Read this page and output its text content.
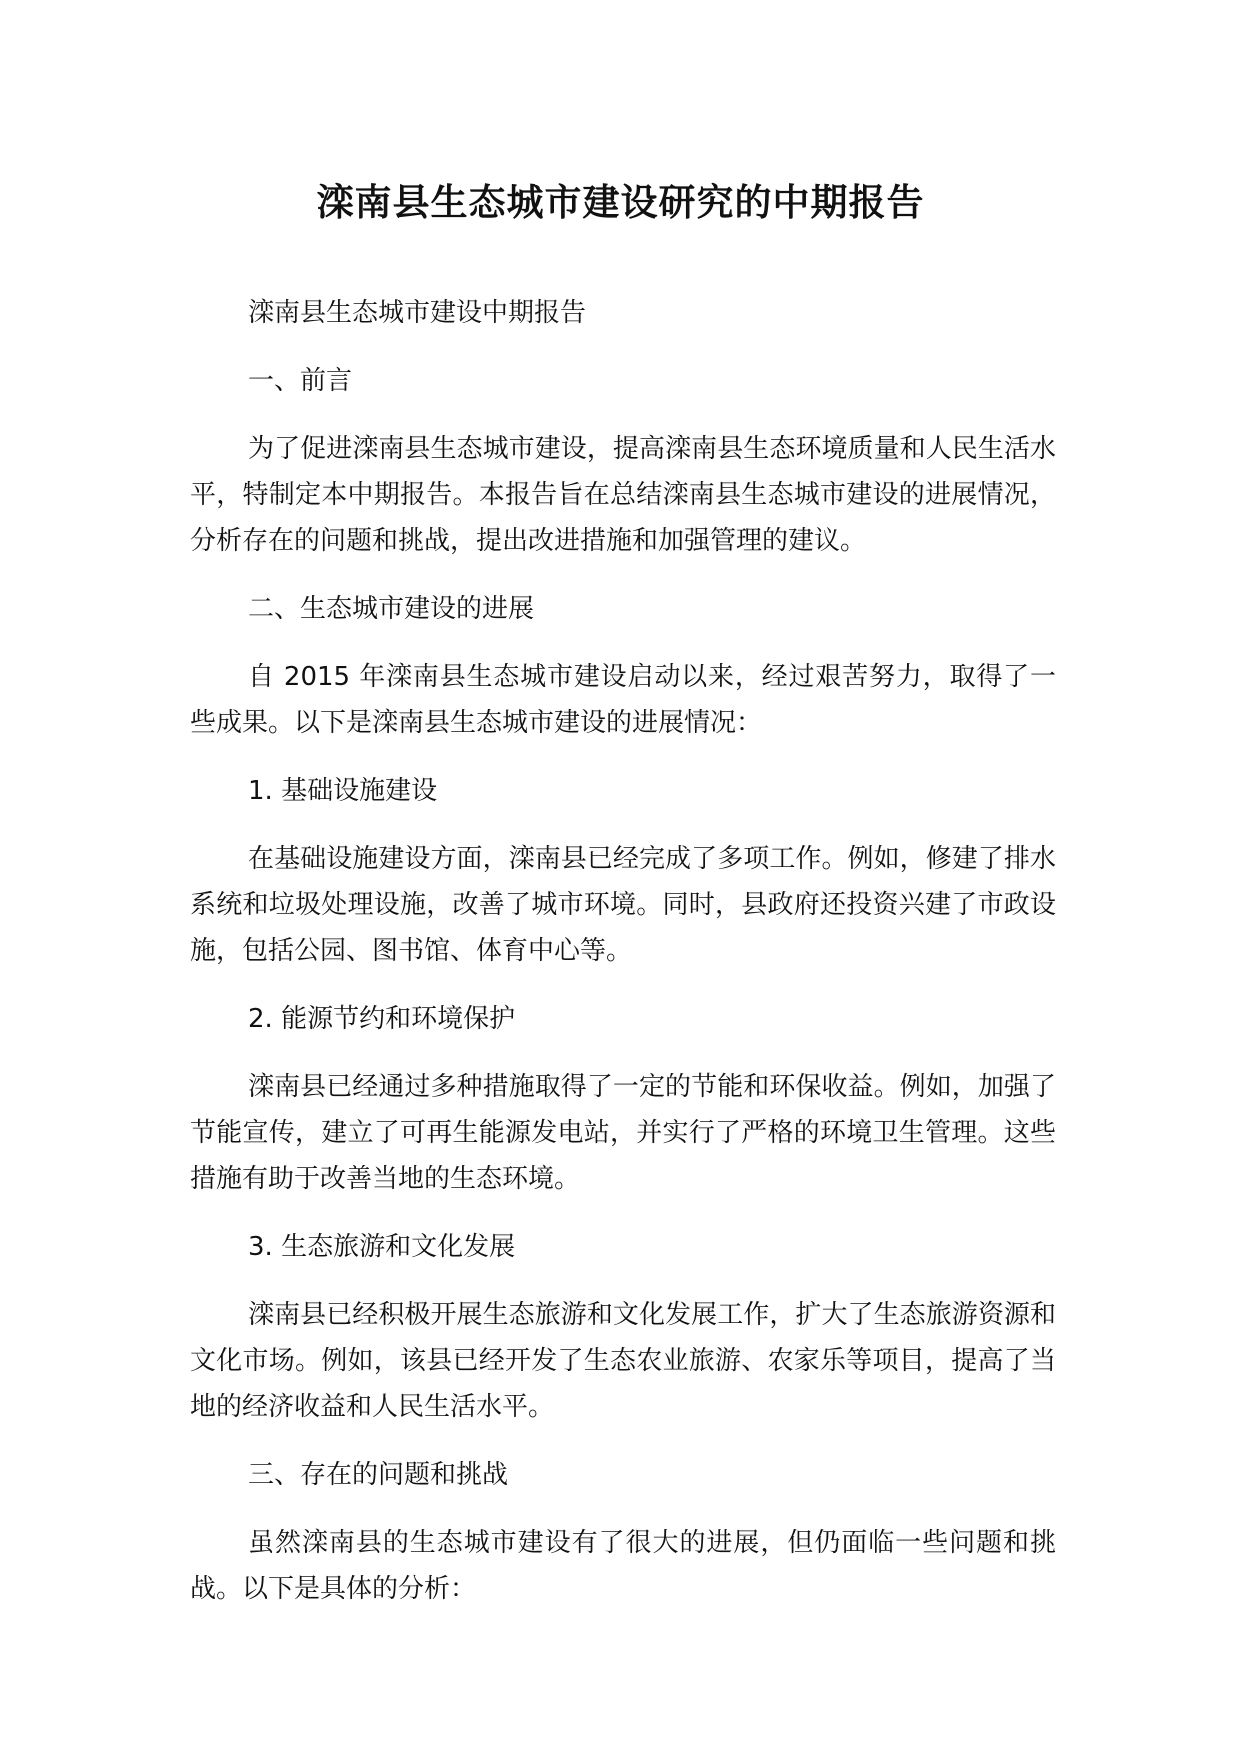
滦南县生态城市建设研究的中期报告

滦南县生态城市建设中期报告

一、前言

为了促进滦南县生态城市建设，提高滦南县生态环境质量和人民生活水平，特制定本中期报告。本报告旨在总结滦南县生态城市建设的进展情况，分析存在的问题和挑战，提出改进措施和加强管理的建议。

二、生态城市建设的进展

自 2015 年滦南县生态城市建设启动以来，经过艰苦努力，取得了一些成果。以下是滦南县生态城市建设的进展情况：

1. 基础设施建设

在基础设施建设方面，滦南县已经完成了多项工作。例如，修建了排水系统和垃圾处理设施，改善了城市环境。同时，县政府还投资兴建了市政设施，包括公园、图书馆、体育中心等。

2. 能源节约和环境保护

滦南县已经通过多种措施取得了一定的节能和环保收益。例如，加强了节能宣传，建立了可再生能源发电站，并实行了严格的环境卫生管理。这些措施有助于改善当地的生态环境。

3. 生态旅游和文化发展

滦南县已经积极开展生态旅游和文化发展工作，扩大了生态旅游资源和文化市场。例如，该县已经开发了生态农业旅游、农家乐等项目，提高了当地的经济收益和人民生活水平。

三、存在的问题和挑战

虽然滦南县的生态城市建设有了很大的进展，但仍面临一些问题和挑战。以下是具体的分析：
